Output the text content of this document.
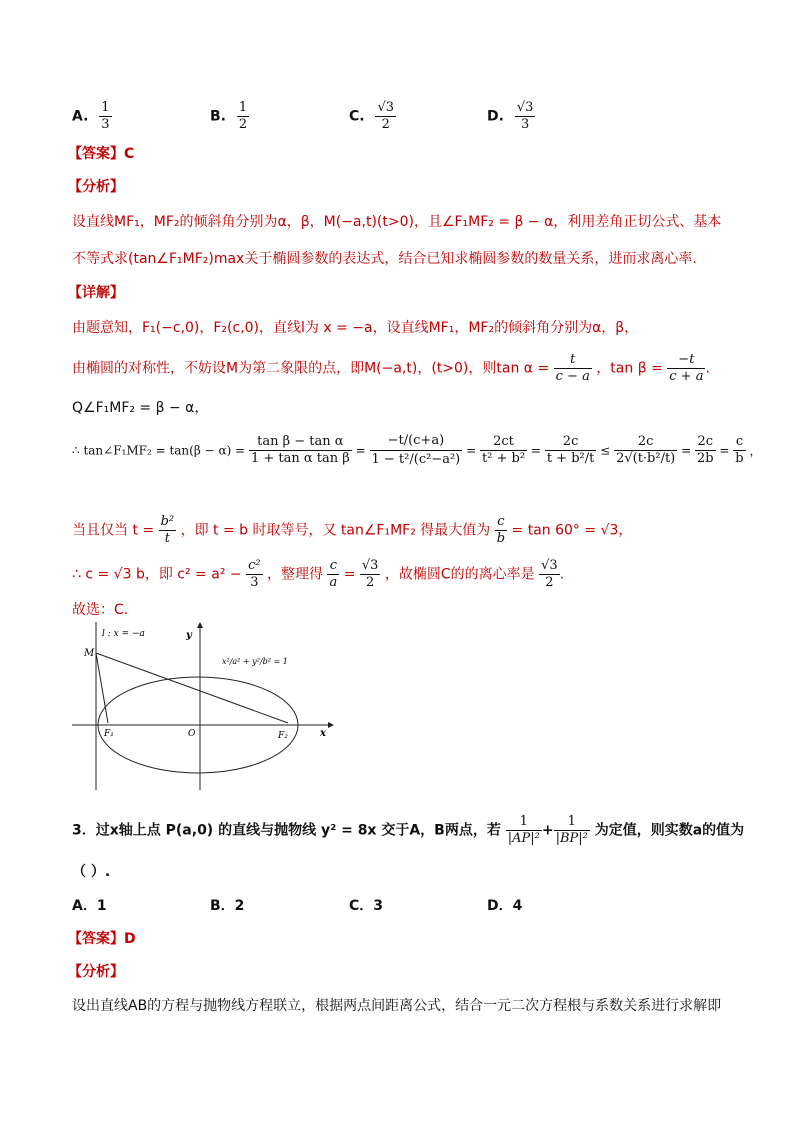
A. $\frac{1}{3}$	B. $\frac{1}{2}$	C. $\frac{√3}{2}$	D. $\frac{√3}{3}$
【答案】C
【分析】
设直线MF₁，MF₂的倾斜角分别为α，β，M(−a,t)(t>0)，且∠F₁MF₂ = β − α，利用差角正切公式、基本
不等式求(tan∠F₁MF₂)max关于椭圆参数的表达式，结合已知求椭圆参数的数量关系，进而求离心率.
【详解】
由题意知，F₁(−c,0)，F₂(c,0)，直线l为 x = −a，设直线MF₁，MF₂的倾斜角分别为α，β，
由椭圆的对称性，不妨设M为第二象限的点，即M(−a,t)，(t>0)，则$\tan \alpha = \frac{t}{c - a}$ ，$\tan \beta = \frac{-t}{c + a}$ .
Q∠F₁MF₂ = β − α，
∴ tan∠F₁MF₂ = $\tan(\beta - \alpha) = \frac{\text{tan β − tan α}}{\text{1 + tan α tan β}} = \frac{-t/(c+a)}{\text{1 − t²/(c²−a²)}} = \frac{2ct}{\text{t² + b²}} = \frac{2c}{\text{t + b²/t}} \le \frac{2c}{\text{2√(t·b²/t)}} = \frac{2c}{2b} = \frac{c}{b}$ ，
当且仅当 $t = \frac{\text{b²}}{t}$ ，即 t = b 时取等号，又 tan∠F₁MF₂ 得最大值为 $\frac{c}{b} = \tan 60^\circ = √3$，
∴ c = √3 b，即 $c^2 = a^2 - \frac{\text{c²}}{3}$ ，整理得 $\frac{c}{a} = \frac{√3}{2}$ ，故椭圆C的的离心率是 $\frac{√3}{2}$ .
故选：C.
l : x = −a	y
M
x²/a² + y²/b² = 1
O
F₁	F₂	x
3．过x轴上点 P(a,0) 的直线与抛物线 y² = 8x 交于A，B两点，若 $\frac{1}{\text{|AP|²}} + \frac{1}{\text{|BP|²}}$ 为定值，则实数a的值为
（ ）.
A．1	B．2	C．3	D．4
【答案】D
【分析】
设出直线AB的方程与抛物线方程联立，根据两点间距离公式，结合一元二次方程根与系数关系进行求解即
